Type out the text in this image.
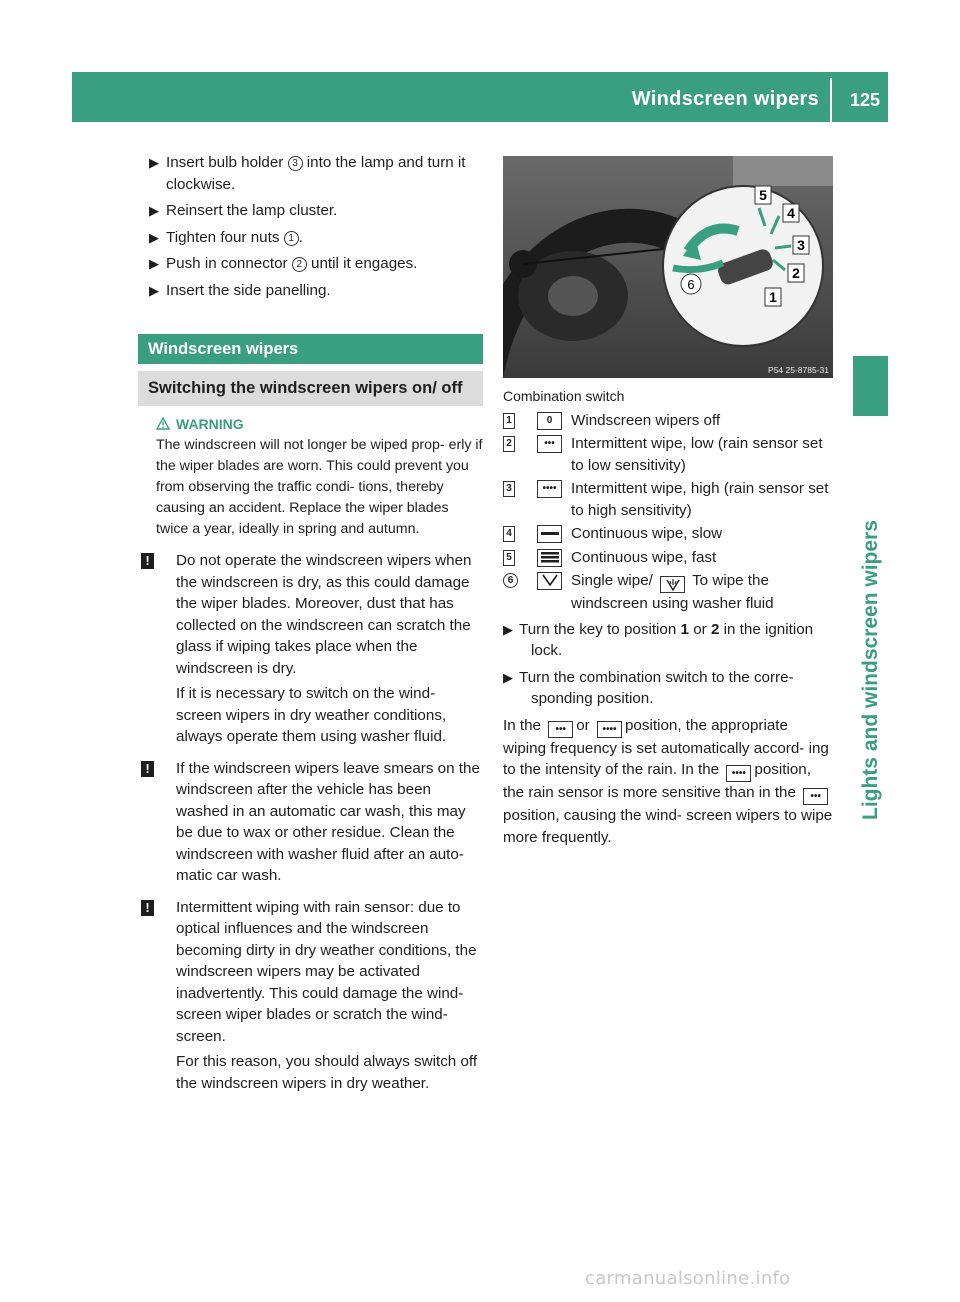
Windscreen wipers 125
Lights and windscreen wipers
▶ Insert bulb holder 3 into the lamp and turn it clockwise.
▶ Reinsert the lamp cluster.
▶ Tighten four nuts 1 .
▶ Push in connector 2 until it engages.
▶ Insert the side panelling.
Windscreen wipers
Switching the windscreen wipers on/ off
WARNING
The windscreen will not longer be wiped prop- erly if the wiper blades are worn. This could prevent you from observing the traffic condi- tions, thereby causing an accident. Replace the wiper blades twice a year, ideally in spring and autumn.
! Do not operate the windscreen wipers when the windscreen is dry, as this could damage the wiper blades. Moreover, dust that has collected on the windscreen can scratch the glass if wiping takes place when the windscreen is dry.

If it is necessary to switch on the wind- screen wipers in dry weather conditions, always operate them using washer fluid.

! If the windscreen wipers leave smears on the windscreen after the vehicle has been washed in an automatic car wash, this may be due to wax or other residue. Clean the windscreen with washer fluid after an auto- matic car wash.

! Intermittent wiping with rain sensor: due to optical influences and the windscreen becoming dirty in dry weather conditions, the windscreen wipers may be activated inadvertently. This could damage the wind- screen wiper blades or scratch the wind- screen.

For this reason, you should always switch off the windscreen wipers in dry weather.

5
4
3
2
1
6
P54 25-8785-31
Combination switch
1	0	Windscreen wipers off
2	•••	Intermittent wipe, low (rain sensor set to low sensitivity)
3	•••• Intermittent wipe, high (rain sensor set to high sensitivity)
4	Continuous wipe, slow
5	Continuous wipe, fast
6	Single wipe/	To wipe the windscreen using washer fluid
▶ Turn the key to position 1 or 2 in the ignition lock.
▶ Turn the combination switch to the corre- sponding position.
In the ••• or •••• position, the appropriate wiping frequency is set automatically accord- ing to the intensity of the rain. In the •••• position, the rain sensor is more sensitive than in the •••position, causing the wind- screen wipers to wipe more frequently.
carmanualsonline.info
